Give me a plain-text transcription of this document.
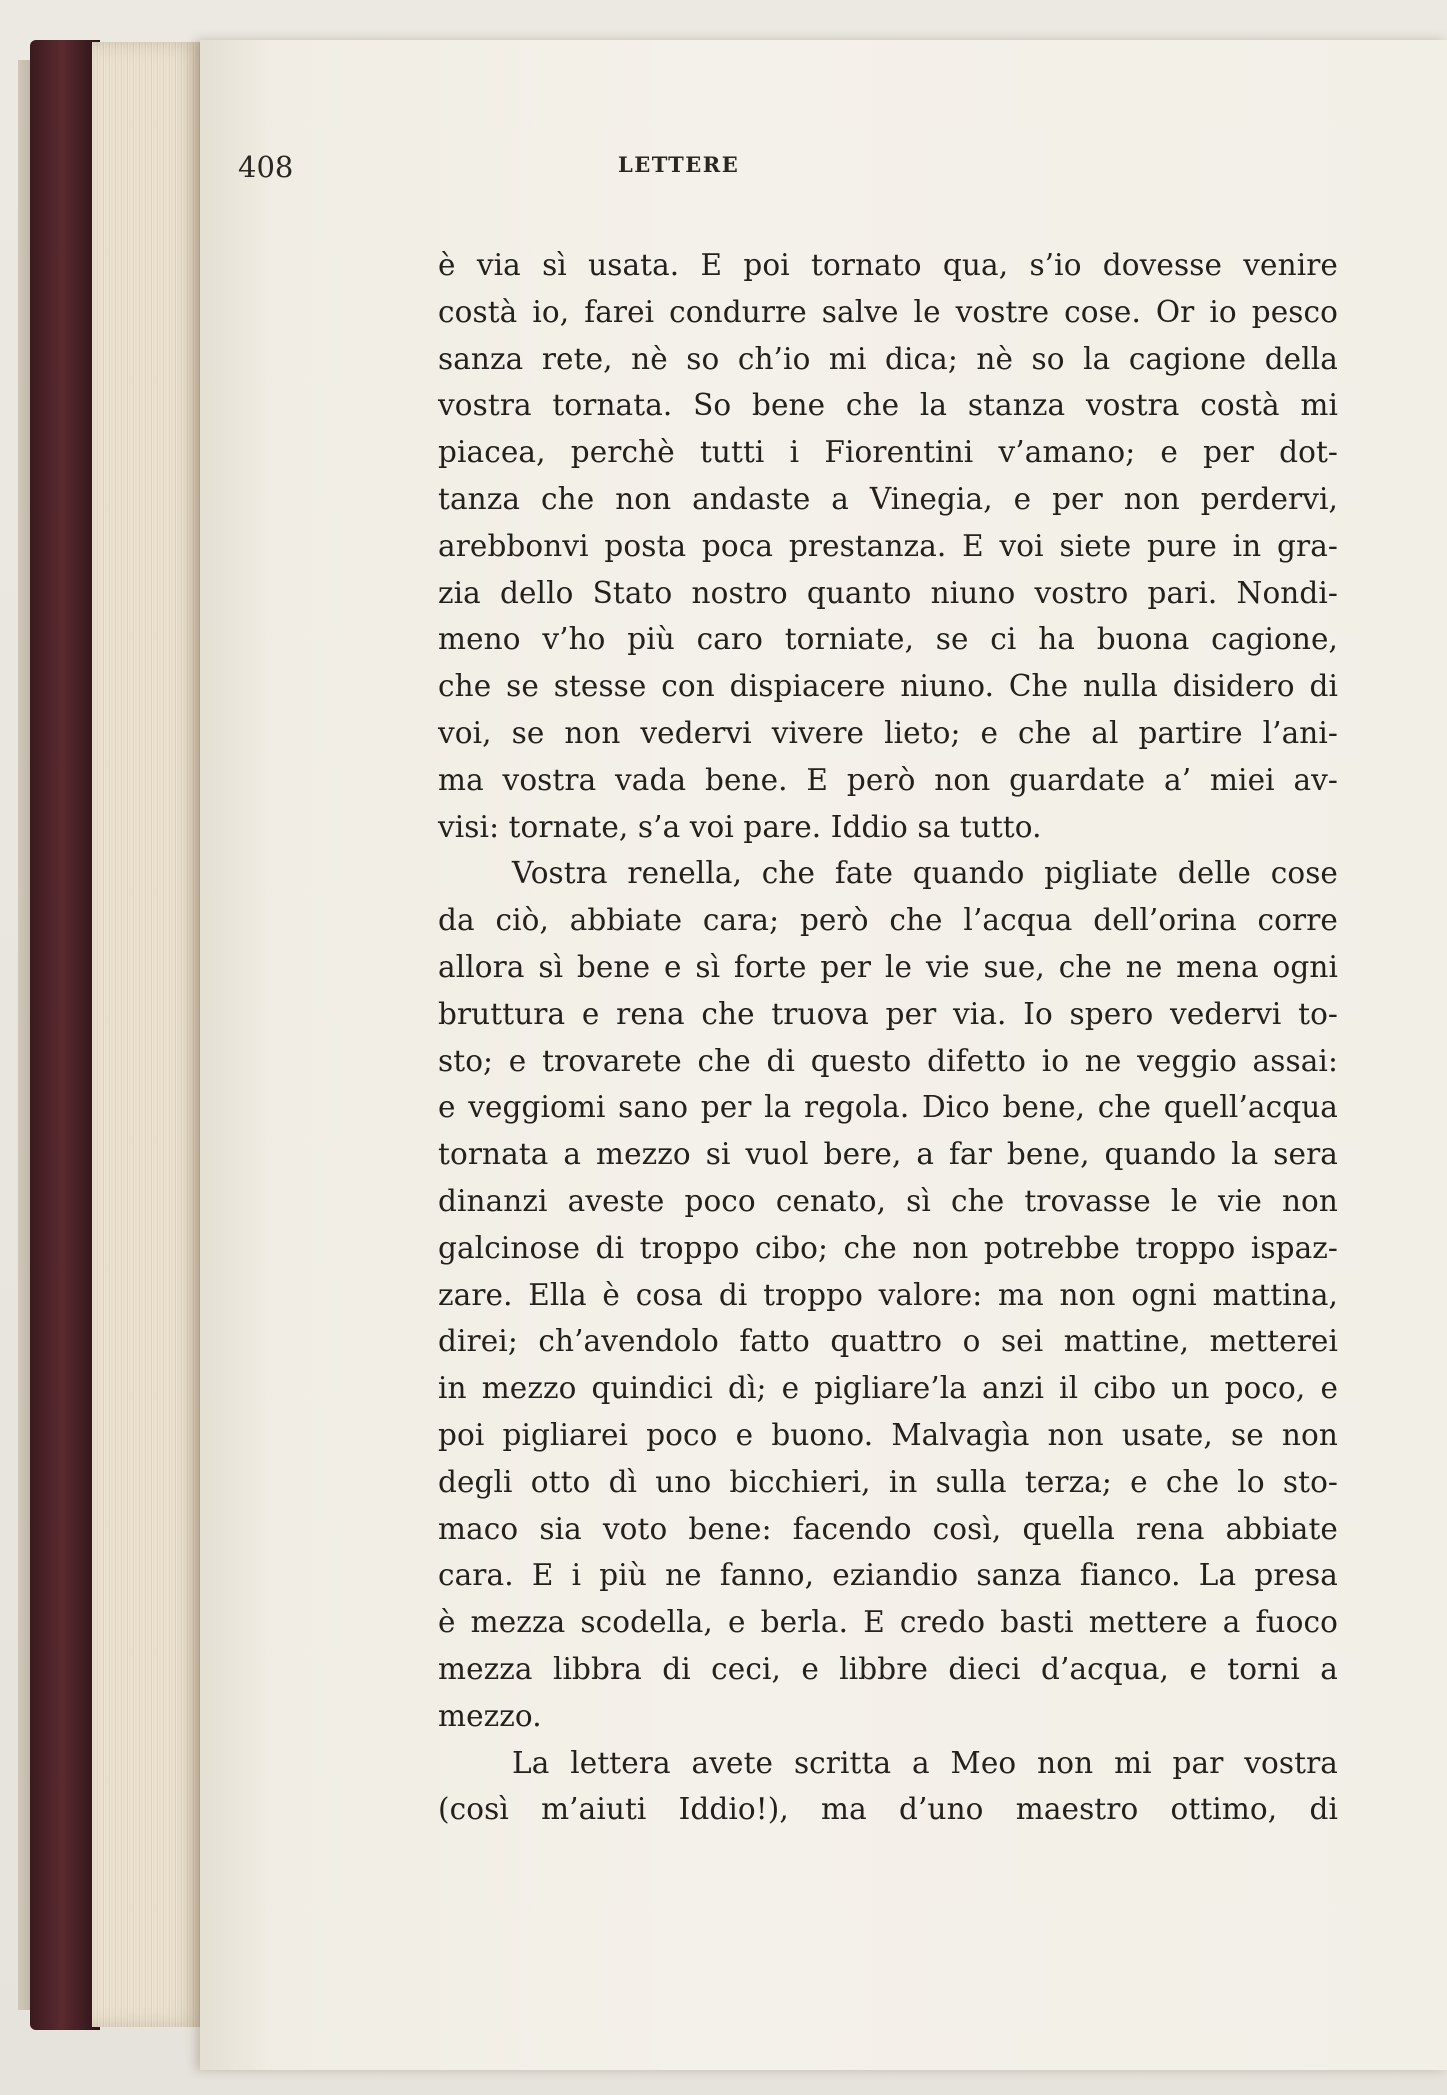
408	LETTERE
è via sì usata. E poi tornato qua, s’io dovesse venire
costà io, farei condurre salve le vostre cose. Or io pesco
sanza rete, nè so ch’io mi dica; nè so la cagione della
vostra tornata. So bene che la stanza vostra costà mi
piacea, perchè tutti i Fiorentini v’amano; e per dot-
tanza che non andaste a Vinegia, e per non perdervi,
arebbonvi posta poca prestanza. E voi siete pure in gra-
zia dello Stato nostro quanto niuno vostro pari. Nondi-
meno v’ho più caro torniate, se ci ha buona cagione,
che se stesse con dispiacere niuno. Che nulla disidero di
voi, se non vedervi vivere lieto; e che al partire l’ani-
ma vostra vada bene. E però non guardate a’ miei av-
visi: tornate, s’a voi pare. Iddio sa tutto.
Vostra renella, che fate quando pigliate delle cose
da ciò, abbiate cara; però che l’acqua dell’orina corre
allora sì bene e sì forte per le vie sue, che ne mena ogni
bruttura e rena che truova per via. Io spero vedervi to-
sto; e trovarete che di questo difetto io ne veggio assai:
e veggiomi sano per la regola. Dico bene, che quell’acqua
tornata a mezzo si vuol bere, a far bene, quando la sera
dinanzi aveste poco cenato, sì che trovasse le vie non
galcinose di troppo cibo; che non potrebbe troppo ispaz-
zare. Ella è cosa di troppo valore: ma non ogni mattina,
direi; ch’avendolo fatto quattro o sei mattine, metterei
in mezzo quindici dì; e pigliare’la anzi il cibo un poco, e
poi pigliarei poco e buono. Malvagìa non usate, se non
degli otto dì uno bicchieri, in sulla terza; e che lo sto-
maco sia voto bene: facendo così, quella rena abbiate
cara. E i più ne fanno, eziandio sanza fianco. La presa
è mezza scodella, e berla. E credo basti mettere a fuoco
mezza libbra di ceci, e libbre dieci d’acqua, e torni a
mezzo.
La lettera avete scritta a Meo non mi par vostra
(così m’aiuti Iddio!), ma d’uno maestro ottimo, di
